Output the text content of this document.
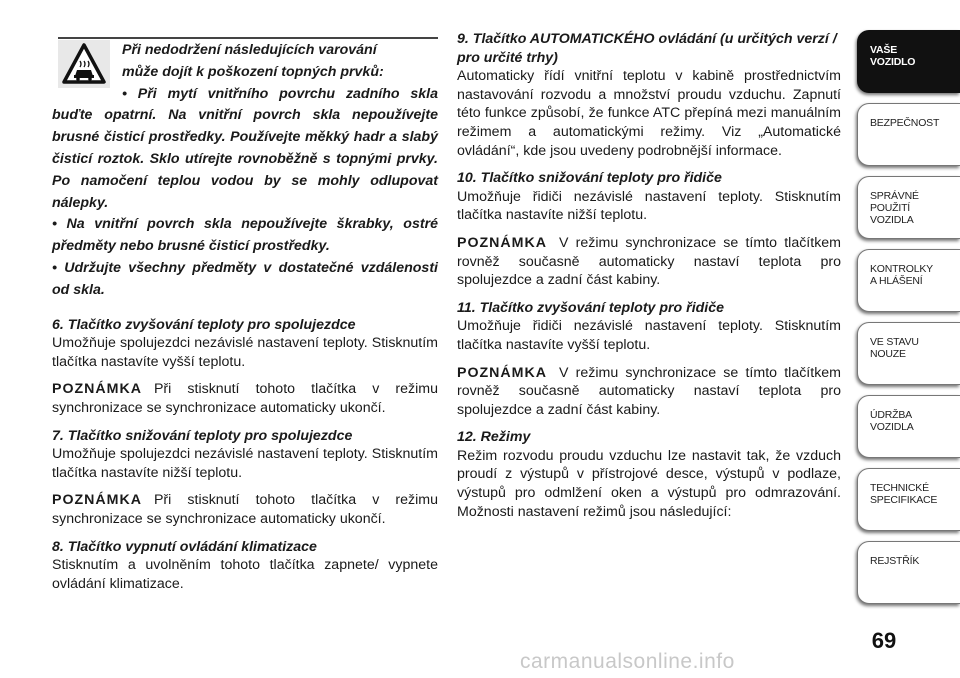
Při nedodržení následujících varování
může dojít k poškození topných prvků:

• Při mytí vnitřního povrchu zadního skla buďte opatrní. Na vnitřní povrch skla nepoužívejte brusné čisticí prostředky. Používejte měkký hadr a slabý čisticí roztok. Sklo utírejte rovnoběžně s topnými prvky. Po namočení teplou vodou by se mohly odlupovat nálepky.

• Na vnitřní povrch skla nepoužívejte škrabky, ostré předměty nebo brusné čisticí prostředky.

• Udržujte všechny předměty v dostatečné vzdálenosti od skla.

6. Tlačítko zvyšování teploty pro spolujezdce

Umožňuje spolujezdci nezávislé nastavení teploty. Stisknutím tlačítka nastavíte vyšší teplotu.

POZNÁMKA Při stisknutí tohoto tlačítka v režimu synchronizace se synchronizace automaticky ukončí.

7. Tlačítko snižování teploty pro spolujezdce

Umožňuje spolujezdci nezávislé nastavení teploty. Stisknutím tlačítka nastavíte nižší teplotu.

POZNÁMKA Při stisknutí tohoto tlačítka v režimu synchronizace se synchronizace automaticky ukončí.

8. Tlačítko vypnutí ovládání klimatizace

Stisknutím a uvolněním tohoto tlačítka zapnete/ vypnete ovládání klimatizace.

9. Tlačítko AUTOMATICKÉHO ovládání (u určitých verzí / pro určité trhy)

Automaticky řídí vnitřní teplotu v kabině prostřednictvím nastavování rozvodu a množství proudu vzduchu. Zapnutí této funkce způsobí, že funkce ATC přepíná mezi manuálním režimem a automatickými režimy. Viz „Automatické ovládání“, kde jsou uvedeny podrobnější informace.

10. Tlačítko snižování teploty pro řidiče

Umožňuje řidiči nezávislé nastavení teploty. Stisknutím tlačítka nastavíte nižší teplotu.

POZNÁMKA V režimu synchronizace se tímto tlačítkem rovněž současně automaticky nastaví teplota pro spolujezdce a zadní část kabiny.

11. Tlačítko zvyšování teploty pro řidiče

Umožňuje řidiči nezávislé nastavení teploty. Stisknutím tlačítka nastavíte vyšší teplotu.

POZNÁMKA V režimu synchronizace se tímto tlačítkem rovněž současně automaticky nastaví teplota pro spolujezdce a zadní část kabiny.

12. Režimy

Režim rozvodu proudu vzduchu lze nastavit tak, že vzduch proudí z výstupů v přístrojové desce, výstupů v podlaze, výstupů pro odmlžení oken a výstupů pro odmrazování. Možnosti nastavení režimů jsou následující:

VAŠE
VOZIDLO
BEZPEČNOST
SPRÁVNÉ
POUŽITÍ
VOZIDLA
KONTROLKY
A HLÁŠENÍ
VE STAVU
NOUZE
ÚDRŽBA
VOZIDLA
TECHNICKÉ
SPECIFIKACE
REJSTŘÍK
69
carmanualsonline.info
